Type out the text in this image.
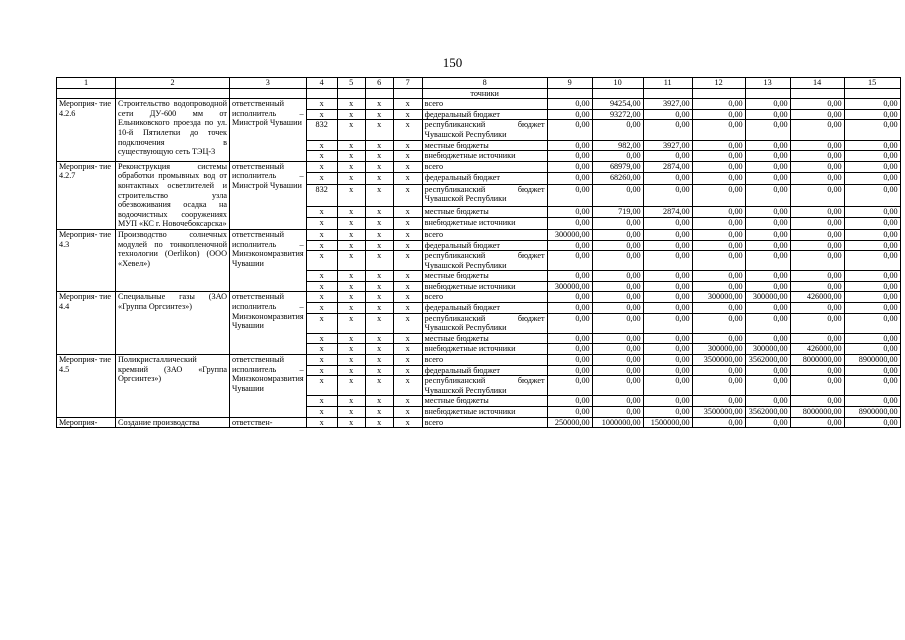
150
1	2	3	4	5	6	7	8	9	10	11	12	13	14	15
							точники							
Мероприя- тие 4.2.6	Строительство водопроводной сети ДУ-600 мм от Ельниковского проезда по ул. 10-й Пятилетки до точек подключения в существующую сеть ТЭЦ-3	ответственный исполнитель – Минстрой Чувашии	x	x	x	x	всего	0,00	94254,00	3927,00	0,00	0,00	0,00	0,00
			x	x	x	x	федеральный бюджет	0,00	93272,00	0,00	0,00	0,00	0,00	0,00
			832	x	x	x	республиканский бюджет Чувашской Республики	0,00	0,00	0,00	0,00	0,00	0,00	0,00
			x	x	x	x	местные бюджеты	0,00	982,00	3927,00	0,00	0,00	0,00	0,00
			x	x	x	x	внебюджетные источники	0,00	0,00	0,00	0,00	0,00	0,00	0,00
Мероприя- тие 4.2.7	Реконструкция системы обработки промывных вод от контактных осветлителей и строительство узла обезвоживания осадка на водоочистных сооружениях МУП «КС г. Новочебоксарска»	ответственный исполнитель – Минстрой Чувашии	x	x	x	x	всего	0,00	68979,00	2874,00	0,00	0,00	0,00	0,00
			x	x	x	x	федеральный бюджет	0,00	68260,00	0,00	0,00	0,00	0,00	0,00
			832	x	x	x	республиканский бюджет Чувашской Республики	0,00	0,00	0,00	0,00	0,00	0,00	0,00
			x	x	x	x	местные бюджеты	0,00	719,00	2874,00	0,00	0,00	0,00	0,00
			x	x	x	x	внебюджетные источники	0,00	0,00	0,00	0,00	0,00	0,00	0,00
Мероприя- тие 4.3	Производство солнечных модулей по тонкопленочной технологии (Oerlikon) (ООО «Хевел»)	ответственный исполнитель – Минэкономразвития Чувашии	x	x	x	x	всего	300000,00	0,00	0,00	0,00	0,00	0,00	0,00
			x	x	x	x	федеральный бюджет	0,00	0,00	0,00	0,00	0,00	0,00	0,00
			x	x	x	x	республиканский бюджет Чувашской Республики	0,00	0,00	0,00	0,00	0,00	0,00	0,00
			x	x	x	x	местные бюджеты	0,00	0,00	0,00	0,00	0,00	0,00	0,00
			x	x	x	x	внебюджетные источники	300000,00	0,00	0,00	0,00	0,00	0,00	0,00
Мероприя- тие 4.4	Специальные газы (ЗАО «Группа Оргсинтез»)	ответственный исполнитель – Минэкономразвития Чувашии	x	x	x	x	всего	0,00	0,00	0,00	300000,00	300000,00	426000,00	0,00
			x	x	x	x	федеральный бюджет	0,00	0,00	0,00	0,00	0,00	0,00	0,00
			x	x	x	x	республиканский бюджет Чувашской Республики	0,00	0,00	0,00	0,00	0,00	0,00	0,00
			x	x	x	x	местные бюджеты	0,00	0,00	0,00	0,00	0,00	0,00	0,00
			x	x	x	x	внебюджетные источники	0,00	0,00	0,00	300000,00	300000,00	426000,00	0,00
Мероприя- тие 4.5	Поликристаллический кремний (ЗАО «Группа Оргсинтез»)	ответственный исполнитель – Минэкономразвития Чувашии	x	x	x	x	всего	0,00	0,00	0,00	3500000,00	3562000,00	8000000,00	8900000,00
			x	x	x	x	федеральный бюджет	0,00	0,00	0,00	0,00	0,00	0,00	0,00
			x	x	x	x	республиканский бюджет Чувашской Республики	0,00	0,00	0,00	0,00	0,00	0,00	0,00
			x	x	x	x	местные бюджеты	0,00	0,00	0,00	0,00	0,00	0,00	0,00
			x	x	x	x	внебюджетные источники	0,00	0,00	0,00	3500000,00	3562000,00	8000000,00	8900000,00
Мероприя-	Создание производства	ответствен-	x	x	x	x	всего	250000,00	1000000,00	1500000,00	0,00	0,00	0,00	0,00
